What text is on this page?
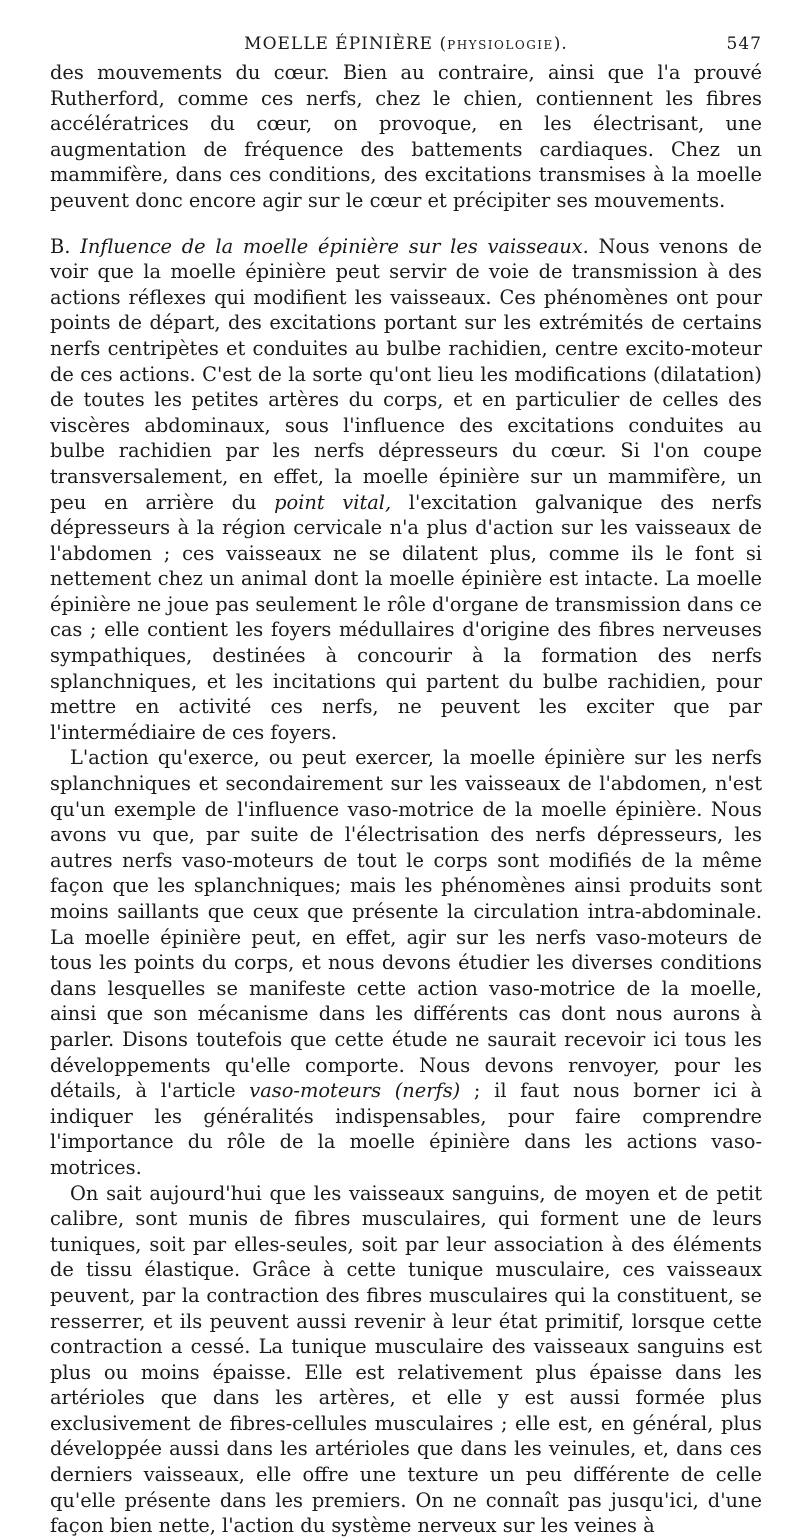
MOELLE ÉPINIÈRE (PHYSIOLOGIE).	547

des mouvements du cœur. Bien au contraire, ainsi que l'a prouvé Rutherford, comme ces nerfs, chez le chien, contiennent les fibres accélératrices du cœur, on provoque, en les électrisant, une augmentation de fréquence des battements cardiaques. Chez un mammifère, dans ces conditions, des excitations transmises à la moelle peuvent donc encore agir sur le cœur et précipiter ses mouvements.

B. Influence de la moelle épinière sur les vaisseaux. Nous venons de voir que la moelle épinière peut servir de voie de transmission à des actions réflexes qui modifient les vaisseaux. Ces phénomènes ont pour points de départ, des excitations portant sur les extrémités de certains nerfs centripètes et conduites au bulbe rachidien, centre excito-moteur de ces actions. C'est de la sorte qu'ont lieu les modifications (dilatation) de toutes les petites artères du corps, et en particulier de celles des viscères abdominaux, sous l'influence des excitations conduites au bulbe rachidien par les nerfs dépresseurs du cœur. Si l'on coupe transversalement, en effet, la moelle épinière sur un mammifère, un peu en arrière du point vital, l'excitation galvanique des nerfs dépresseurs à la région cervicale n'a plus d'action sur les vaisseaux de l'abdomen ; ces vaisseaux ne se dilatent plus, comme ils le font si nettement chez un animal dont la moelle épinière est intacte. La moelle épinière ne joue pas seulement le rôle d'organe de transmission dans ce cas ; elle contient les foyers médullaires d'origine des fibres nerveuses sympathiques, destinées à concourir à la formation des nerfs splanchniques, et les incitations qui partent du bulbe rachidien, pour mettre en activité ces nerfs, ne peuvent les exciter que par l'intermédiaire de ces foyers.

L'action qu'exerce, ou peut exercer, la moelle épinière sur les nerfs splanchniques et secondairement sur les vaisseaux de l'abdomen, n'est qu'un exemple de l'influence vaso-motrice de la moelle épinière. Nous avons vu que, par suite de l'électrisation des nerfs dépresseurs, les autres nerfs vaso-moteurs de tout le corps sont modifiés de la même façon que les splanchniques; mais les phénomènes ainsi produits sont moins saillants que ceux que présente la circulation intra-abdominale. La moelle épinière peut, en effet, agir sur les nerfs vaso-moteurs de tous les points du corps, et nous devons étudier les diverses conditions dans lesquelles se manifeste cette action vaso-motrice de la moelle, ainsi que son mécanisme dans les différents cas dont nous aurons à parler. Disons toutefois que cette étude ne saurait recevoir ici tous les développements qu'elle comporte. Nous devons renvoyer, pour les détails, à l'article vaso-moteurs (nerfs) ; il faut nous borner ici à indiquer les généralités indispensables, pour faire comprendre l'importance du rôle de la moelle épinière dans les actions vaso-motrices.

On sait aujourd'hui que les vaisseaux sanguins, de moyen et de petit calibre, sont munis de fibres musculaires, qui forment une de leurs tuniques, soit par elles-seules, soit par leur association à des éléments de tissu élastique. Grâce à cette tunique musculaire, ces vaisseaux peuvent, par la contraction des fibres musculaires qui la constituent, se resserrer, et ils peuvent aussi revenir à leur état primitif, lorsque cette contraction a cessé. La tunique musculaire des vaisseaux sanguins est plus ou moins épaisse. Elle est relativement plus épaisse dans les artérioles que dans les artères, et elle y est aussi formée plus exclusivement de fibres-cellules musculaires ; elle est, en général, plus développée aussi dans les artérioles que dans les veinules, et, dans ces derniers vaisseaux, elle offre une texture un peu différente de celle qu'elle présente dans les premiers. On ne connaît pas jusqu'ici, d'une façon bien nette, l'action du système nerveux sur les veines à
